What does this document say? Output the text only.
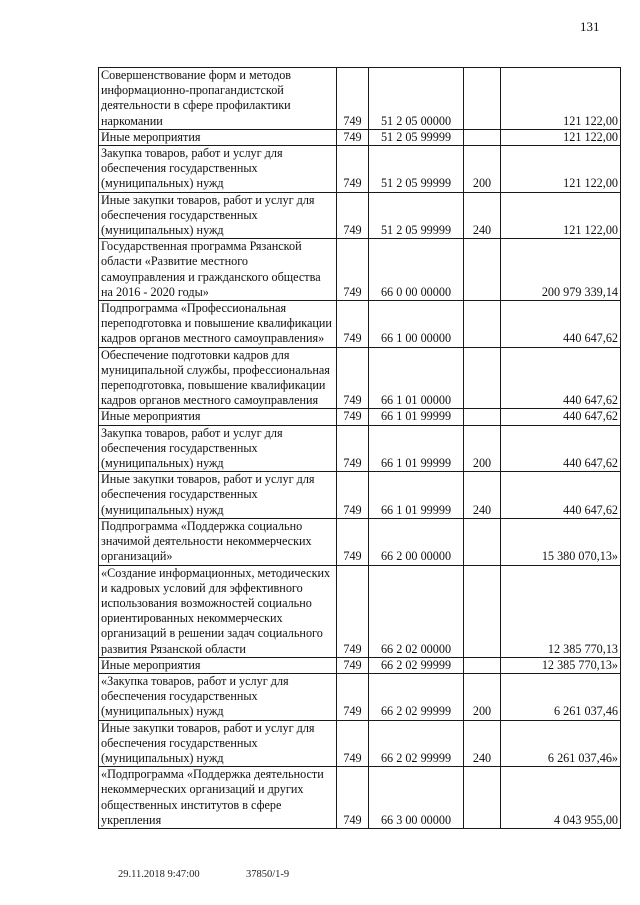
131
Совершенствование форм и методов информационно-пропагандистской деятельности в сфере профилактики наркомании	749	51 2 05 00000		121 122,00
Иные мероприятия	749	51 2 05 99999		121 122,00
Закупка товаров, работ и услуг для обеспечения государственных (муниципальных) нужд	749	51 2 05 99999	200	121 122,00
Иные закупки товаров, работ и услуг для обеспечения государственных (муниципальных) нужд	749	51 2 05 99999	240	121 122,00
Государственная программа Рязанской области «Развитие местного самоуправления и гражданского общества на 2016 - 2020 годы»	749	66 0 00 00000		200 979 339,14
Подпрограмма «Профессиональная переподготовка и повышение квалификации кадров органов местного самоуправления»	749	66 1 00 00000		440 647,62
Обеспечение подготовки кадров для муниципальной службы, профессиональная переподготовка, повышение квалификации кадров органов местного самоуправления	749	66 1 01 00000		440 647,62
Иные мероприятия	749	66 1 01 99999		440 647,62
Закупка товаров, работ и услуг для обеспечения государственных (муниципальных) нужд	749	66 1 01 99999	200	440 647,62
Иные закупки товаров, работ и услуг для обеспечения государственных (муниципальных) нужд	749	66 1 01 99999	240	440 647,62
Подпрограмма «Поддержка социально значимой деятельности некоммерческих организаций»	749	66 2 00 00000		15 380 070,13»
«Создание информационных, методических и кадровых условий для эффективного использования возможностей социально ориентированных некоммерческих организаций в решении задач социального развития Рязанской области	749	66 2 02 00000		12 385 770,13
Иные мероприятия	749	66 2 02 99999		12 385 770,13»
«Закупка товаров, работ и услуг для обеспечения государственных (муниципальных) нужд	749	66 2 02 99999	200	6 261 037,46
Иные закупки товаров, работ и услуг для обеспечения государственных (муниципальных) нужд	749	66 2 02 99999	240	6 261 037,46»
«Подпрограмма «Поддержка деятельности некоммерческих организаций и других общественных институтов в сфере укрепления	749	66 3 00 00000		4 043 955,00
29.11.2018 9:47:00	37850/1-9
